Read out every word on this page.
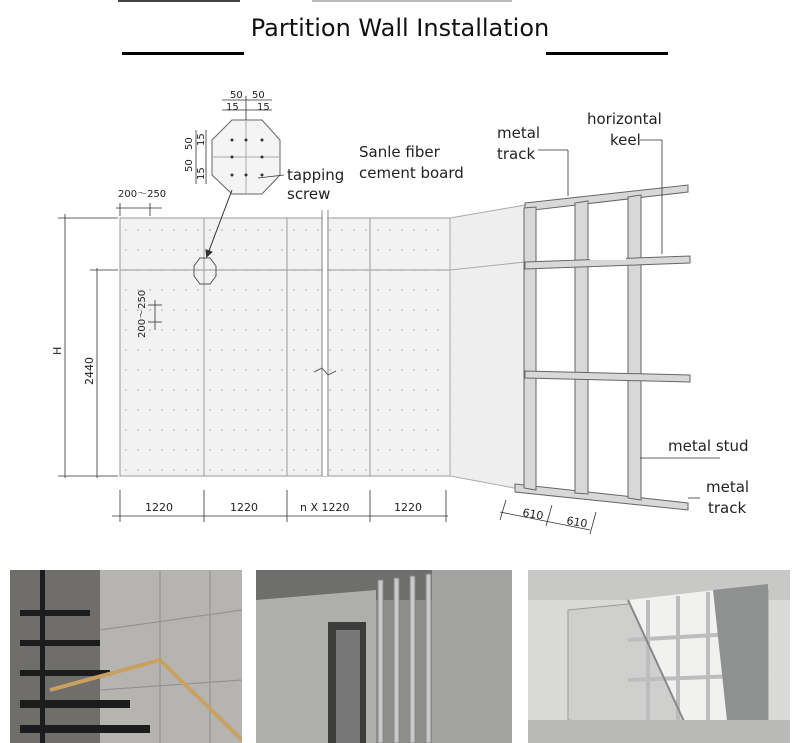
Partition Wall Installation
tapping
screw
Sanle fiber
cement board
metal
track
horizontal
keel
metal stud
metal
track
50 50
15 15
50 15
50
15
200～250
200～250
H
2440
1220	1220	n X 1220	1220	610 610
